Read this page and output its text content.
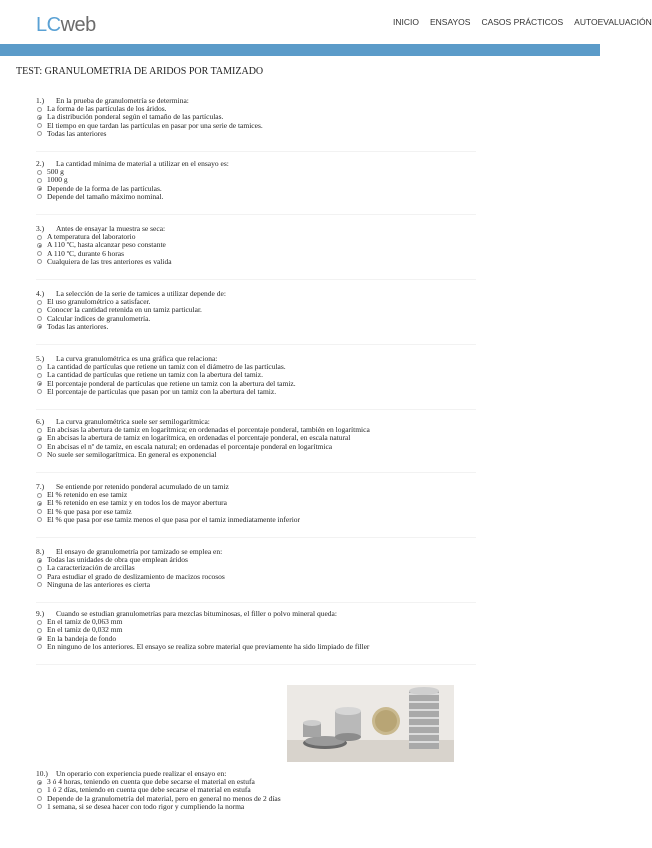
LCweb	INICIO ENSAYOS CASOS PRÁCTICOS AUTOEVALUACIÓN
TEST: GRANULOMETRIA DE ARIDOS POR TAMIZADO
1.) En la prueba de granulometría se determina:
La forma de las partículas de los áridos.
La distribución ponderal según el tamaño de las partículas.
El tiempo en que tardan las partículas en pasar por una serie de tamices.
Todas las anteriores
2.) La cantidad mínima de material a utilizar en el ensayo es:
500 g
1000 g
Depende de la forma de las partículas.
Depende del tamaño máximo nominal.
3.) Antes de ensayar la muestra se seca:
A temperatura del laboratorio
A 110 ºC, hasta alcanzar peso constante
A 110 ºC, durante 6 horas
Cualquiera de las tres anteriores es valida
4.) La selección de la serie de tamices a utilizar depende de:
El uso granulométrico a satisfacer.
Conocer la cantidad retenida en un tamiz particular.
Calcular índices de granulometría.
Todas las anteriores.
5.) La curva granulométrica es una gráfica que relaciona:
La cantidad de partículas que retiene un tamiz con el diámetro de las partículas.
La cantidad de partículas que retiene un tamiz con la abertura del tamiz.
El porcentaje ponderal de partículas que retiene un tamiz con la abertura del tamiz.
El porcentaje de partículas que pasan por un tamiz con la abertura del tamiz.
6.) La curva granulométrica suele ser semilogarítmica:
En abcisas la abertura de tamiz en logarítmica; en ordenadas el porcentaje ponderal, también en logarítmica
En abcisas la abertura de tamiz en logarítmica, en ordenadas el porcentaje ponderal, en escala natural
En abcisas el nº de tamiz, en escala natural; en ordenadas el porcentaje ponderal en logarítmica
No suele ser semilogarítmica. En general es exponencial
7.) Se entiende por retenido ponderal acumulado de un tamiz
El % retenido en ese tamiz
El % retenido en ese tamiz y en todos los de mayor abertura
El % que pasa por ese tamiz
El % que pasa por ese tamiz menos el que pasa por el tamiz inmediatamente inferior
8.) El ensayo de granulometría por tamizado se emplea en:
Todas las unidades de obra que emplean áridos
La caracterización de arcillas
Para estudiar el grado de deslizamiento de macizos rocosos
Ninguna de las anteriores es cierta
9.) Cuando se estudian granulometrías para mezclas bituminosas, el filler o polvo mineral queda:
En el tamiz de 0,063 mm
En el tamiz de 0,032 mm
En la bandeja de fondo
En ninguno de los anteriores. El ensayo se realiza sobre material que previamente ha sido limpiado de filler
10.) Un operario con experiencia puede realizar el ensayo en:
3 ó 4 horas, teniendo en cuenta que debe secarse el material en estufa
1 ó 2 días, teniendo en cuenta que debe secarse el material en estufa
Depende de la granulometría del material, pero en general no menos de 2 días
1 semana, si se desea hacer con todo rigor y cumpliendo la norma
